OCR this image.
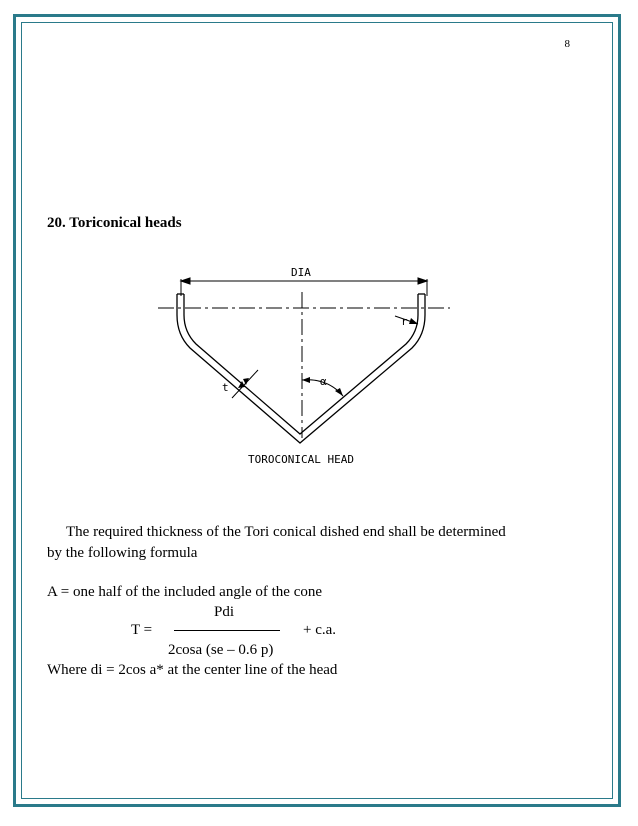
8
20. Toriconical heads
DIA
r
t	α
TOROCONICAL HEAD
The required thickness of the Tori conical dished end shall be determined
by the following formula
A = one half of the included angle of the cone
Pdi
T =	+ c.a.
2cosa (se – 0.6 p)
Where di = 2cos a* at the center line of the head
